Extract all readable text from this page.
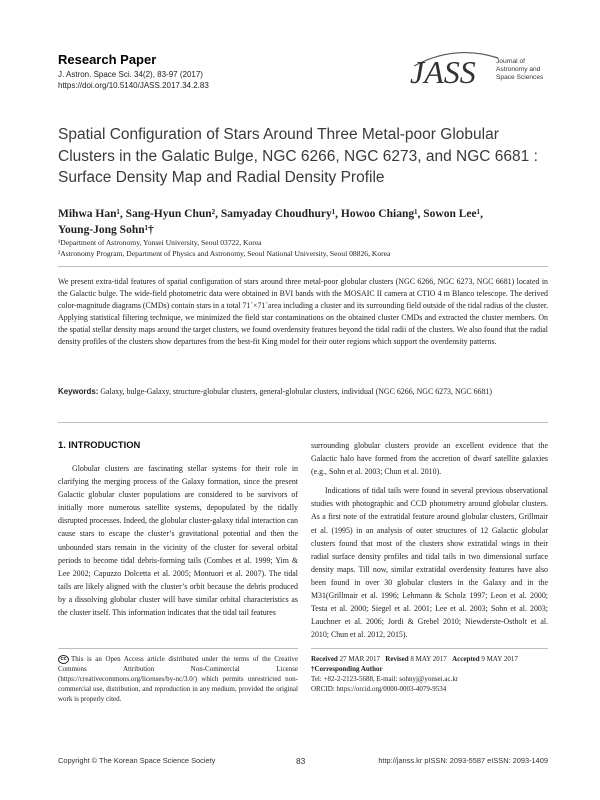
Research Paper
J. Astron. Space Sci. 34(2), 83-97 (2017)
https://doi.org/10.5140/JASS.2017.34.2.83	JASS	Journal of
Astronomy and
Space Sciences
Spatial Configuration of Stars Around Three Metal-poor Globular
Clusters in the Galatic Bulge, NGC 6266, NGC 6273, and NGC 6681 :
Surface Density Map and Radial Density Profile
Mihwa Han¹, Sang-Hyun Chun², Samyaday Choudhury¹, Howoo Chiang¹, Sowon Lee¹,
Young-Jong Sohn¹†
¹Department of Astronomy, Yonsei University, Seoul 03722, Korea
²Astronomy Program, Department of Physics and Astronomy, Seoul National University, Seoul 08826, Korea
We present extra-tidal features of spatial configuration of stars around three metal-poor globular clusters (NGC 6266, NGC 6273, NGC 6681) located in the Galactic bulge. The wide-field photometric data were obtained in BVI bands with the MOSAIC II camera at CTIO 4 m Blanco telescope. The derived color-magnitude diagrams (CMDs) contain stars in a total 71´×71´area including a cluster and its surrounding field outside of the tidal radius of the cluster. Applying statistical filtering technique, we minimized the field star contaminations on the obtained cluster CMDs and extracted the cluster members. On the spatial stellar density maps around the target clusters, we found overdensity features beyond the tidal radii of the clusters. We also found that the radial density profiles of the clusters show departures from the best-fit King model for their outer regions which support the overdensity patterns.
Keywords: Galaxy, bulge-Galaxy, structure-globular clusters, general-globular clusters, individual (NGC 6266, NGC 6273, NGC 6681)
1. INTRODUCTION

Globular clusters are fascinating stellar systems for their role in clarifying the merging process of the Galaxy formation, since the present Galactic globular cluster populations are considered to be survivors of initially more numerous satellite systems, depopulated by the tidally disrupted processes. Indeed, the globular cluster-galaxy tidal interaction can cause stars to escape the cluster’s gravitational potential and then the unbounded stars remain in the vicinity of the cluster for several orbital periods to become tidal debris-forming tails (Combes et al. 1999; Yim & Lee 2002; Capuzzo Dolcetta et al. 2005; Montuori et al. 2007). The tidal tails are likely aligned with the cluster’s orbit because the debris produced by a dissolving globular cluster will have similar orbital characteristics as the cluster itself. This information indicates that the tidal tail features

surrounding globular clusters provide an excellent evidence that the Galactic halo have formed from the accretion of dwarf satellite galaxies (e.g., Sohn et al. 2003; Chun et al. 2010).

Indications of tidal tails were found in several previous observational studies with photographic and CCD photometry around globular clusters. As a first note of the extratidal feature around globular clusters, Grillmair et al. (1995) in an analysis of outer structures of 12 Galactic globular clusters found that most of the clusters show extratidal wings in their radial surface density profiles and tidal tails in two dimensional surface density maps. Till now, similar extratidal overdensity features have also been found in over 30 globular clusters in the Galaxy and in the M31(Grillmair et al. 1996; Lehmann & Scholz 1997; Leon et al. 2000; Testa et al. 2000; Siegel et al. 2001; Lee et al. 2003; Sohn et al. 2003; Lauchner et al. 2006; Jordi & Grebel 2010; Niewderste-Ostholt et al. 2010; Chun et al. 2012, 2015).

cc This is an Open Access article distributed under the terms of the Creative Commons Attribution Non-Commercial License (https://creativecommons.org/licenses/by-nc/3.0/) which permits unrestricted non-commercial use, distribution, and reproduction in any medium, provided the original work is properly cited.
Received 27 MAR 2017 Revised 8 MAY 2017 Accepted 9 MAY 2017
†Corresponding Author
Tel: +82-2-2123-5688, E-mail: sohnyj@yonsei.ac.kr
ORCID: https://orcid.org/0000-0003-4079-9534
Copyright © The Korean Space Science Society	83	http://janss.kr pISSN: 2093-5587 eISSN: 2093-1409
